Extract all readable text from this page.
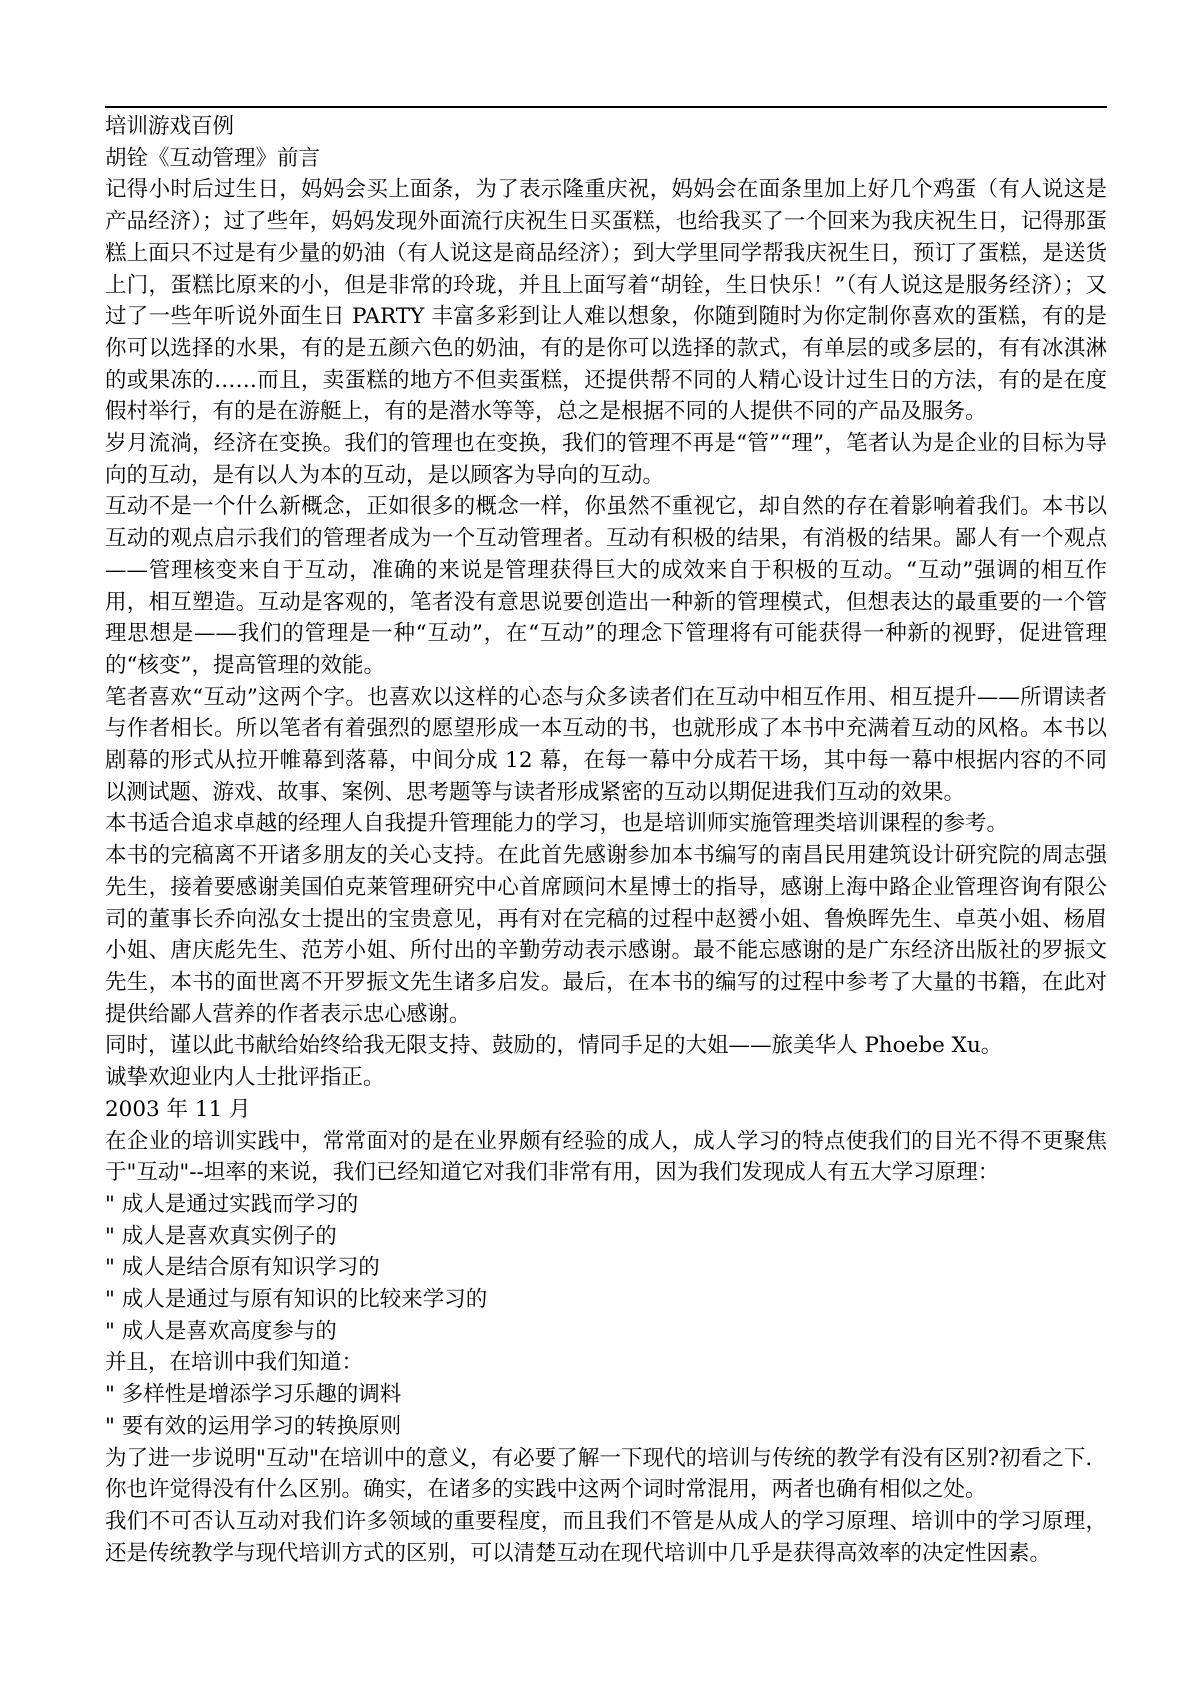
培训游戏百例

胡铨《互动管理》前言

记得小时后过生日，妈妈会买上面条，为了表示隆重庆祝，妈妈会在面条里加上好几个鸡蛋（有人说这是产品经济）；过了些年，妈妈发现外面流行庆祝生日买蛋糕，也给我买了一个回来为我庆祝生日，记得那蛋糕上面只不过是有少量的奶油（有人说这是商品经济）；到大学里同学帮我庆祝生日，预订了蛋糕，是送货上门，蛋糕比原来的小，但是非常的玲珑，并且上面写着“胡铨，生日快乐！”（有人说这是服务经济）；又过了一些年听说外面生日 PARTY 丰富多彩到让人难以想象，你随到随时为你定制你喜欢的蛋糕，有的是你可以选择的水果，有的是五颜六色的奶油，有的是你可以选择的款式，有单层的或多层的，有有冰淇淋的或果冻的……而且，卖蛋糕的地方不但卖蛋糕，还提供帮不同的人精心设计过生日的方法，有的是在度假村举行，有的是在游艇上，有的是潜水等等，总之是根据不同的人提供不同的产品及服务。

岁月流淌，经济在变换。我们的管理也在变换，我们的管理不再是“管”“理”，笔者认为是企业的目标为导向的互动，是有以人为本的互动，是以顾客为导向的互动。

互动不是一个什么新概念，正如很多的概念一样，你虽然不重视它，却自然的存在着影响着我们。本书以互动的观点启示我们的管理者成为一个互动管理者。互动有积极的结果，有消极的结果。鄙人有一个观点——管理核变来自于互动，准确的来说是管理获得巨大的成效来自于积极的互动。“互动”强调的相互作用，相互塑造。互动是客观的，笔者没有意思说要创造出一种新的管理模式，但想表达的最重要的一个管理思想是——我们的管理是一种“互动”，在“互动”的理念下管理将有可能获得一种新的视野，促进管理的“核变”，提高管理的效能。

笔者喜欢“互动”这两个字。也喜欢以这样的心态与众多读者们在互动中相互作用、相互提升——所谓读者与作者相长。所以笔者有着强烈的愿望形成一本互动的书，也就形成了本书中充满着互动的风格。本书以剧幕的形式从拉开帷幕到落幕，中间分成 12 幕，在每一幕中分成若干场，其中每一幕中根据内容的不同以测试题、游戏、故事、案例、思考题等与读者形成紧密的互动以期促进我们互动的效果。

本书适合追求卓越的经理人自我提升管理能力的学习，也是培训师实施管理类培训课程的参考。

本书的完稿离不开诸多朋友的关心支持。在此首先感谢参加本书编写的南昌民用建筑设计研究院的周志强先生，接着要感谢美国伯克莱管理研究中心首席顾问木星博士的指导，感谢上海中路企业管理咨询有限公司的董事长乔向泓女士提出的宝贵意见，再有对在完稿的过程中赵赟小姐、鲁焕晖先生、卓英小姐、杨眉小姐、唐庆彪先生、范芳小姐、所付出的辛勤劳动表示感谢。最不能忘感谢的是广东经济出版社的罗振文先生，本书的面世离不开罗振文先生诸多启发。最后，在本书的编写的过程中参考了大量的书籍，在此对提供给鄙人营养的作者表示忠心感谢。

同时，谨以此书献给始终给我无限支持、鼓励的，情同手足的大姐——旅美华人 Phoebe Xu。

诚挚欢迎业内人士批评指正。

2003 年 11 月

在企业的培训实践中，常常面对的是在业界颇有经验的成人，成人学习的特点使我们的目光不得不更聚焦于"互动"--坦率的来说，我们已经知道它对我们非常有用，因为我们发现成人有五大学习原理：

" 成人是通过实践而学习的

" 成人是喜欢真实例子的

" 成人是结合原有知识学习的

" 成人是通过与原有知识的比较来学习的

" 成人是喜欢高度参与的

并且，在培训中我们知道：

" 多样性是增添学习乐趣的调料

" 要有效的运用学习的转换原则

为了进一步说明"互动"在培训中的意义，有必要了解一下现代的培训与传统的教学有没有区别?初看之下．你也许觉得没有什么区别。确实，在诸多的实践中这两个词时常混用，两者也确有相似之处。

我们不可否认互动对我们许多领域的重要程度，而且我们不管是从成人的学习原理、培训中的学习原理，还是传统教学与现代培训方式的区别，可以清楚互动在现代培训中几乎是获得高效率的决定性因素。
